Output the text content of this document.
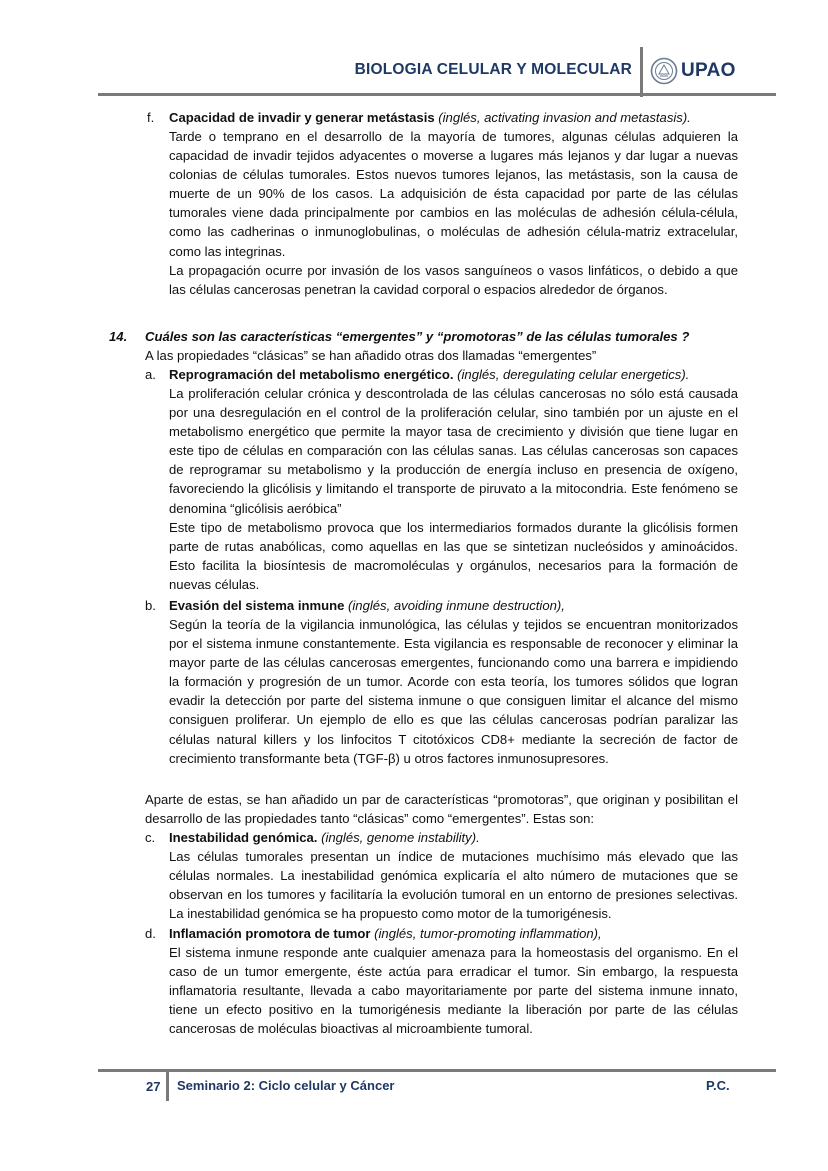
BIOLOGIA CELULAR Y MOLECULAR	UPAO
f. Capacidad de invadir y generar metástasis (inglés, activating invasion and metastasis).
Tarde o temprano en el desarrollo de la mayoría de tumores, algunas células adquieren la capacidad de invadir tejidos adyacentes o moverse a lugares más lejanos y dar lugar a nuevas colonias de células tumorales. Estos nuevos tumores lejanos, las metástasis, son la causa de muerte de un 90% de los casos. La adquisición de ésta capacidad por parte de las células tumorales viene dada principalmente por cambios en las moléculas de adhesión célula-célula, como las cadherinas o inmunoglobulinas, o moléculas de adhesión célula-matriz extracelular, como las integrinas.
La propagación ocurre por invasión de los vasos sanguíneos o vasos linfáticos, o debido a que las células cancerosas penetran la cavidad corporal o espacios alrededor de órganos.
14. Cuáles son las características “emergentes” y “promotoras” de las células tumorales ?
A las propiedades “clásicas” se han añadido otras dos llamadas “emergentes”
a. Reprogramación del metabolismo energético. (inglés, deregulating celular energetics).
La proliferación celular crónica y descontrolada de las células cancerosas no sólo está causada por una desregulación en el control de la proliferación celular, sino también por un ajuste en el metabolismo energético que permite la mayor tasa de crecimiento y división que tiene lugar en este tipo de células en comparación con las células sanas. Las células cancerosas son capaces de reprogramar su metabolismo y la producción de energía incluso en presencia de oxígeno, favoreciendo la glicólisis y limitando el transporte de piruvato a la mitocondria. Este fenómeno se denomina “glicólisis aeróbica”
Este tipo de metabolismo provoca que los intermediarios formados durante la glicólisis formen parte de rutas anabólicas, como aquellas en las que se sintetizan nucleósidos y aminoácidos. Esto facilita la biosíntesis de macromoléculas y orgánulos, necesarios para la formación de nuevas células.
b. Evasión del sistema inmune (inglés, avoiding inmune destruction),
Según la teoría de la vigilancia inmunológica, las células y tejidos se encuentran monitorizados por el sistema inmune constantemente. Esta vigilancia es responsable de reconocer y eliminar la mayor parte de las células cancerosas emergentes, funcionando como una barrera e impidiendo la formación y progresión de un tumor. Acorde con esta teoría, los tumores sólidos que logran evadir la detección por parte del sistema inmune o que consiguen limitar el alcance del mismo consiguen proliferar. Un ejemplo de ello es que las células cancerosas podrían paralizar las células natural killers y los linfocitos T citotóxicos CD8+ mediante la secreción de factor de crecimiento transformante beta (TGF-β) u otros factores inmunosupresores.
Aparte de estas, se han añadido un par de características “promotoras”, que originan y posibilitan el desarrollo de las propiedades tanto “clásicas” como “emergentes”. Estas son:
c. Inestabilidad genómica. (inglés, genome instability).
Las células tumorales presentan un índice de mutaciones muchísimo más elevado que las células normales. La inestabilidad genómica explicaría el alto número de mutaciones que se observan en los tumores y facilitaría la evolución tumoral en un entorno de presiones selectivas. La inestabilidad genómica se ha propuesto como motor de la tumorigénesis.
d. Inflamación promotora de tumor (inglés, tumor-promoting inflammation),
El sistema inmune responde ante cualquier amenaza para la homeostasis del organismo. En el caso de un tumor emergente, éste actúa para erradicar el tumor. Sin embargo, la respuesta inflamatoria resultante, llevada a cabo mayoritariamente por parte del sistema inmune innato, tiene un efecto positivo en la tumorigénesis mediante la liberación por parte de las células cancerosas de moléculas bioactivas al microambiente tumoral.
27 Seminario 2: Ciclo celular y Cáncer	P.C.
